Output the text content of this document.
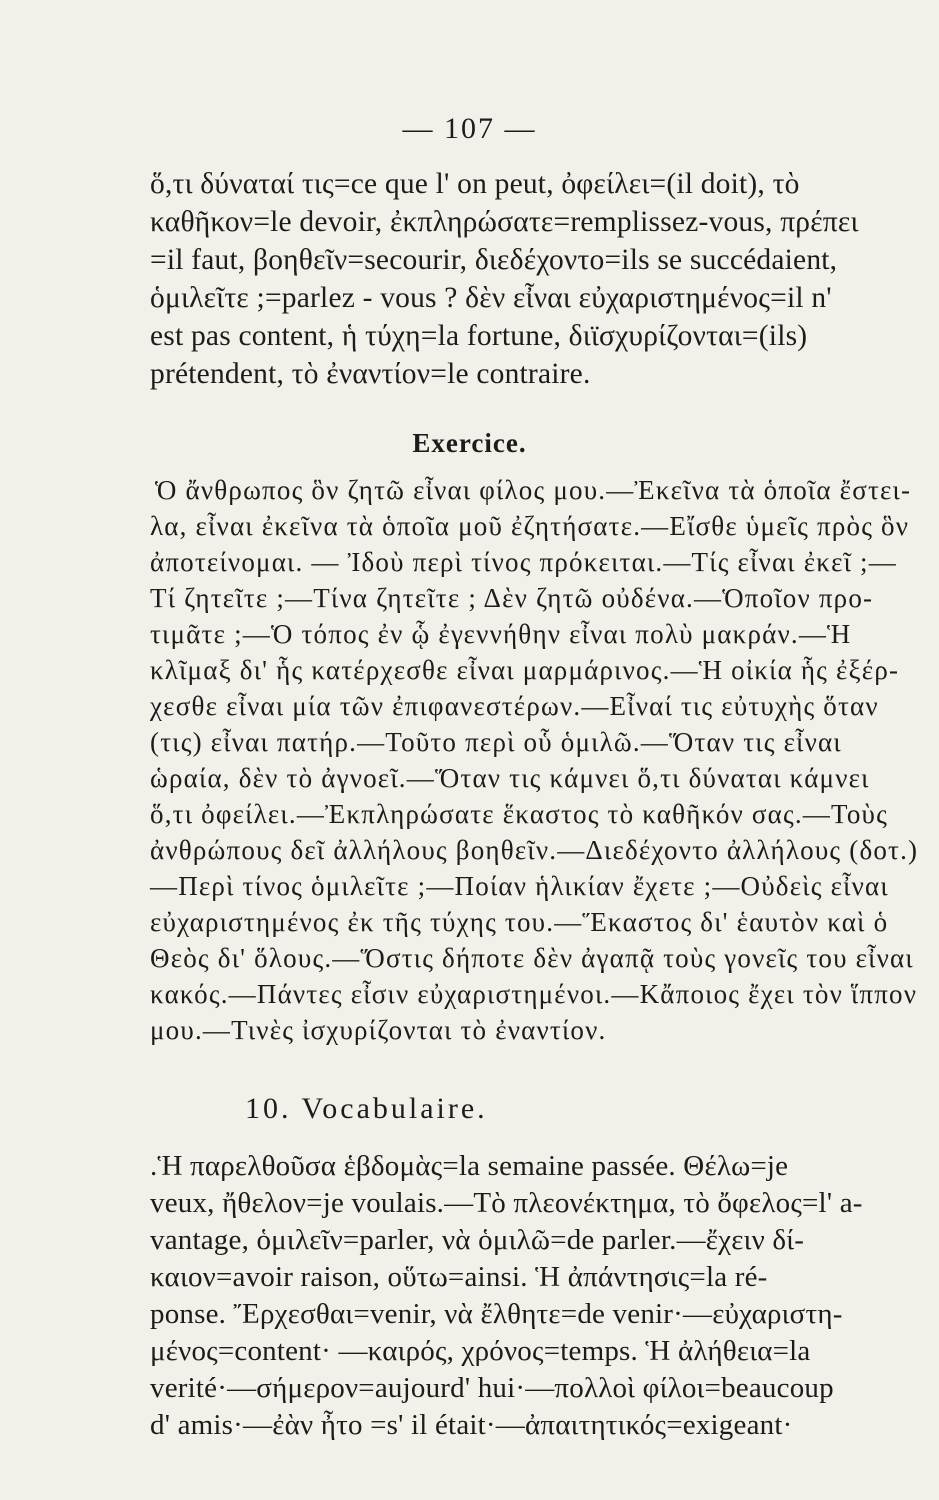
— 107 —
ὅ,τι δύναταί τις=ce que l' on peut, ὀφείλει=(il doit), τὸ
καθῆκον=le devoir, ἐκπληρώσατε=remplissez-vous, πρέπει
=il faut, βοηθεῖν=secourir, διεδέχοντο=ils se succédaient,
ὁμιλεῖτε ;=parlez - vous ? δὲν εἶναι εὐχαριστημένος=il n'
est pas content, ἡ τύχη=la fortune, διϊσχυρίζονται=(ils)
prétendent, τὸ ἐναντίον=le contraire.
Exercice.
Ὁ ἄνθρωπος ὃν ζητῶ εἶναι φίλος μου.—Ἐκεῖνα τὰ ὁποῖα ἔστει-
λα, εἶναι ἐκεῖνα τὰ ὁποῖα μοῦ ἐζητήσατε.—Εἴσθε ὑμεῖς πρὸς ὃν
ἀποτείνομαι. — Ἰδοὺ περὶ τίνος πρόκειται.—Τίς εἶναι ἐκεῖ ;—
Τί ζητεῖτε ;—Τίνα ζητεῖτε ; Δὲν ζητῶ οὐδένα.—Ὁποῖον προ-
τιμᾶτε ;—Ὁ τόπος ἐν ᾧ ἐγεννήθην εἶναι πολὺ μακράν.—Ἡ
κλῖμαξ δι' ἧς κατέρχεσθε εἶναι μαρμάρινος.—Ἡ οἰκία ἧς ἐξέρ-
χεσθε εἶναι μία τῶν ἐπιφανεστέρων.—Εἶναί τις εὐτυχὴς ὅταν
(τις) εἶναι πατήρ.—Τοῦτο περὶ οὗ ὁμιλῶ.—Ὅταν τις εἶναι
ὡραία, δὲν τὸ ἀγνοεῖ.—Ὅταν τις κάμνει ὅ,τι δύναται κάμνει
ὅ,τι ὀφείλει.—Ἐκπληρώσατε ἕκαστος τὸ καθῆκόν σας.—Τοὺς
ἀνθρώπους δεῖ ἀλλήλους βοηθεῖν.—Διεδέχοντο ἀλλήλους (δοτ.)
—Περὶ τίνος ὁμιλεῖτε ;—Ποίαν ἡλικίαν ἔχετε ;—Οὐδεὶς εἶναι
εὐχαριστημένος ἐκ τῆς τύχης του.—Ἕκαστος δι' ἑαυτὸν καὶ ὁ
Θεὸς δι' ὅλους.—Ὅστις δήποτε δὲν ἀγαπᾷ τοὺς γονεῖς του εἶναι
κακός.—Πάντες εἶσιν εὐχαριστημένοι.—Κἄποιος ἔχει τὸν ἵππον
μου.—Τινὲς ἰσχυρίζονται τὸ ἐναντίον.
10. Vocabulaire.
.Ἡ παρελθοῦσα ἑβδομὰς=la semaine passée. Θέλω=je
veux, ἤθελον=je voulais.—Τὸ πλεονέκτημα, τὸ ὄφελος=l' a-
vantage, ὁμιλεῖν=parler, νὰ ὁμιλῶ=de parler.—ἔχειν δί-
καιον=avoir raison, οὕτω=ainsi. Ἡ ἀπάντησις=la ré-
ponse. Ἔρχεσθαι=venir, νὰ ἔλθητε=de venir·—εὐχαριστη-
μένος=content· —καιρός, χρόνος=temps. Ἡ ἀλήθεια=la
verité·—σήμερον=aujourd' hui·—πολλοὶ φίλοι=beaucoup
d' amis·—ἐὰν ἦτο =s' il était·—ἀπαιτητικός=exigeant·
